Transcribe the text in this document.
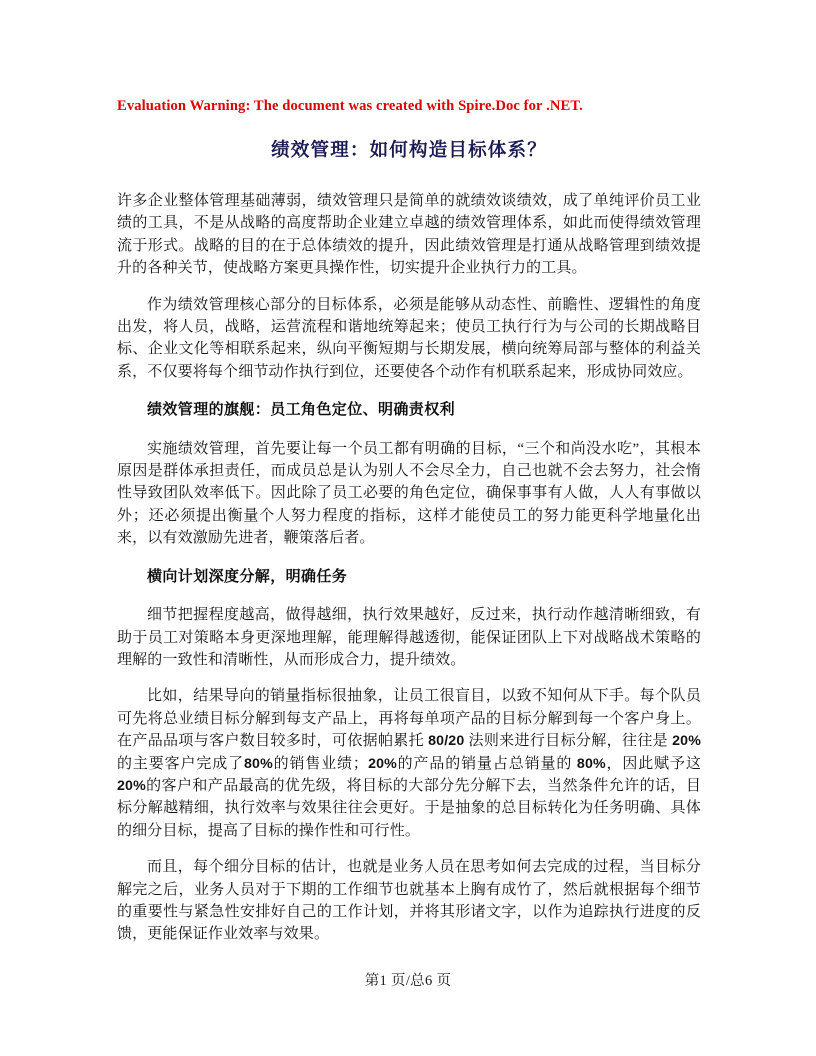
Evaluation Warning: The document was created with Spire.Doc for .NET.

绩效管理：如何构造目标体系？

许多企业整体管理基础薄弱，绩效管理只是简单的就绩效谈绩效，成了单纯评价员工业绩的工具，不是从战略的高度帮助企业建立卓越的绩效管理体系，如此而使得绩效管理流于形式。战略的目的在于总体绩效的提升，因此绩效管理是打通从战略管理到绩效提升的各种关节，使战略方案更具操作性，切实提升企业执行力的工具。

作为绩效管理核心部分的目标体系，必须是能够从动态性、前瞻性、逻辑性的角度出发，将人员，战略，运营流程和谐地统筹起来；使员工执行行为与公司的长期战略目标、企业文化等相联系起来，纵向平衡短期与长期发展，横向统筹局部与整体的利益关系，不仅要将每个细节动作执行到位，还要使各个动作有机联系起来，形成协同效应。

绩效管理的旗舰：员工角色定位、明确责权利

实施绩效管理，首先要让每一个员工都有明确的目标，“三个和尚没水吃”，其根本原因是群体承担责任，而成员总是认为别人不会尽全力，自己也就不会去努力，社会惰性导致团队效率低下。因此除了员工必要的角色定位，确保事事有人做，人人有事做以外；还必须提出衡量个人努力程度的指标，这样才能使员工的努力能更科学地量化出来，以有效激励先进者，鞭策落后者。

横向计划深度分解，明确任务

细节把握程度越高，做得越细，执行效果越好，反过来，执行动作越清晰细致，有助于员工对策略本身更深地理解，能理解得越透彻，能保证团队上下对战略战术策略的理解的一致性和清晰性，从而形成合力，提升绩效。

比如，结果导向的销量指标很抽象，让员工很盲目，以致不知何从下手。每个队员可先将总业绩目标分解到每支产品上，再将每单项产品的目标分解到每一个客户身上。在产品品项与客户数目较多时，可依据帕累托 80/20 法则来进行目标分解，往往是 20%的主要客户完成了80%的销售业绩；20%的产品的销量占总销量的 80%，因此赋予这 20%的客户和产品最高的优先级，将目标的大部分先分解下去，当然条件允许的话，目标分解越精细，执行效率与效果往往会更好。于是抽象的总目标转化为任务明确、具体的细分目标，提高了目标的操作性和可行性。

而且，每个细分目标的估计，也就是业务人员在思考如何去完成的过程，当目标分解完之后，业务人员对于下期的工作细节也就基本上胸有成竹了，然后就根据每个细节的重要性与紧急性安排好自己的工作计划，并将其形诸文字，以作为追踪执行进度的反馈，更能保证作业效率与效果。

第1 页/总6 页
